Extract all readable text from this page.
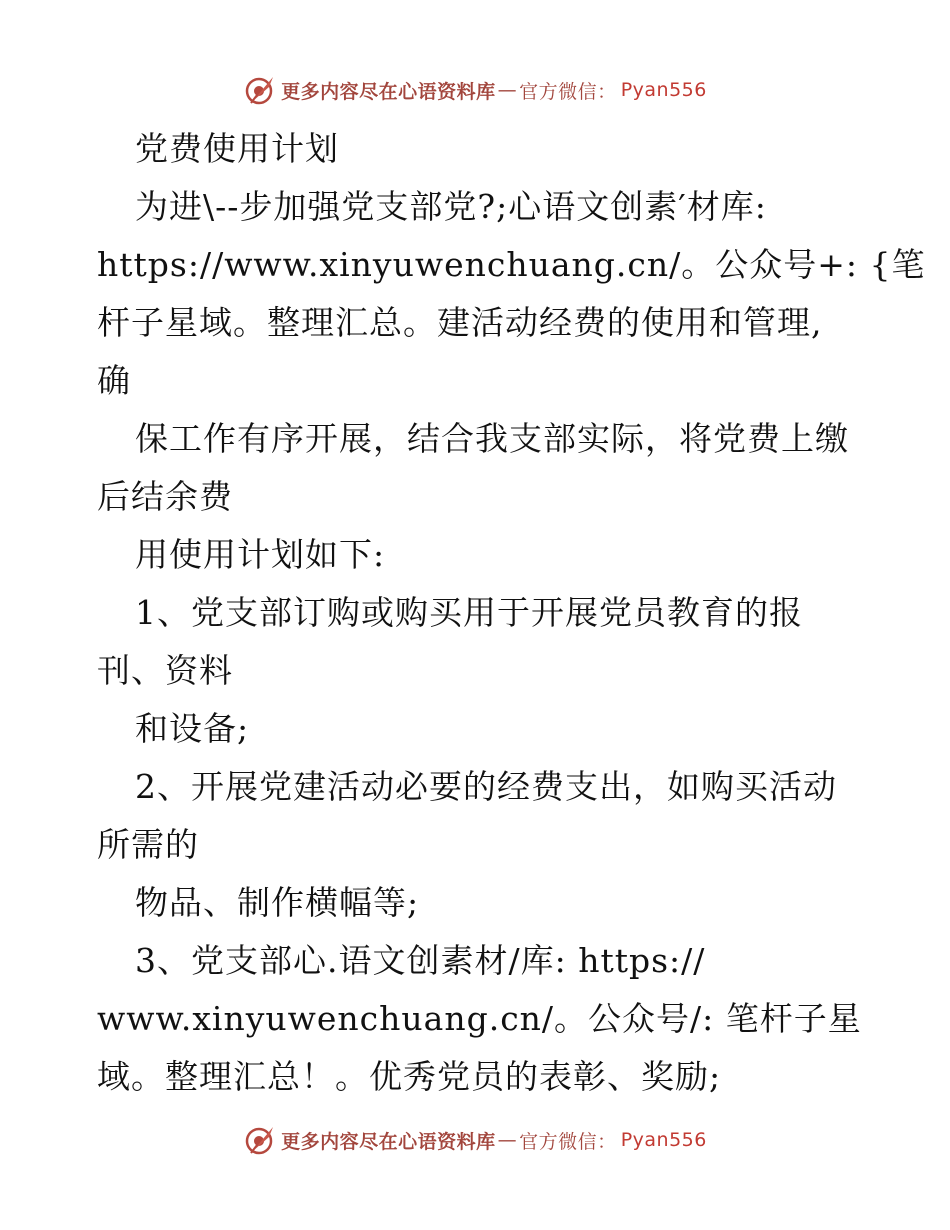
更多内容尽在心语资料库 — 官方微信： Pyan556
党费使用计划
为进\--步加强党支部党?;心语文创素′材库:
https://www.xinyuwenchuang.cn/。公众号+: {笔
杆子星域。整理汇总。建活动经费的使用和管理,
确
保工作有序开展，结合我支部实际，将党费上缴
后结余费
用使用计划如下:
1、党支部订购或购买用于开展党员教育的报
刊、资料
和设备;
2、开展党建活动必要的经费支出，如购买活动
所需的
物品、制作横幅等;
3、党支部心.语文创素材/库: https://
www.xinyuwenchuang.cn/。公众号/: 笔杆子星
域。整理汇总！。优秀党员的表彰、奖励;
更多内容尽在心语资料库 — 官方微信： Pyan556
